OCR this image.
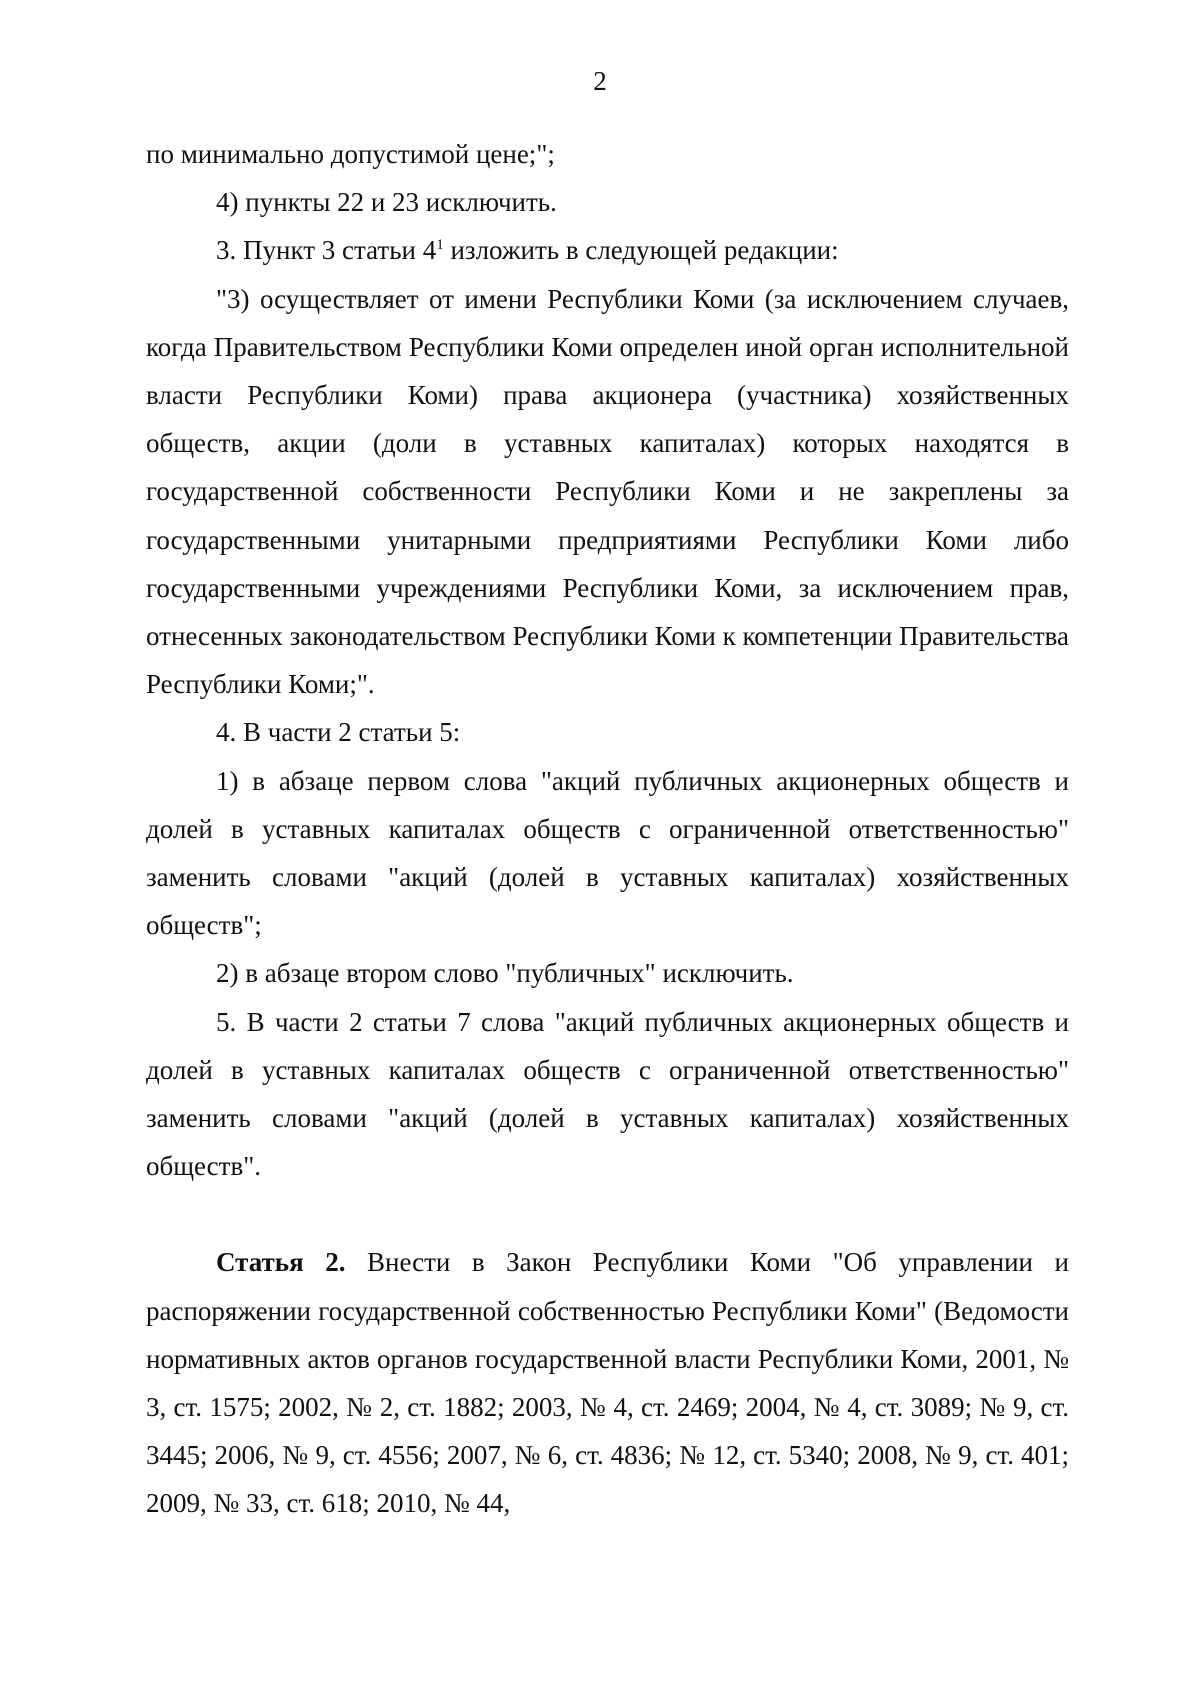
2

по минимально допустимой цене;";

4) пункты 22 и 23 исключить.

3. Пункт 3 статьи $4^1$ изложить в следующей редакции:

"3) осуществляет от имени Республики Коми (за исключением случаев, когда Правительством Республики Коми определен иной орган исполнительной власти Республики Коми) права акционера (участника) хозяйственных обществ, акции (доли в уставных капиталах) которых находятся в государственной собственности Республики Коми и не закреплены за государственными унитарными предприятиями Республики Коми либо государственными учреждениями Республики Коми, за исключением прав, отнесенных законодательством Республики Коми к компетенции Правительства Республики Коми;".

4. В части 2 статьи 5:

1) в абзаце первом слова "акций публичных акционерных обществ и долей в уставных капиталах обществ с ограниченной ответственностью" заменить словами "акций (долей в уставных капиталах) хозяйственных обществ";

2) в абзаце втором слово "публичных" исключить.

5. В части 2 статьи 7 слова "акций публичных акционерных обществ и долей в уставных капиталах обществ с ограниченной ответственностью" заменить словами "акций (долей в уставных капиталах) хозяйственных обществ".

Статья 2. Внести в Закон Республики Коми "Об управлении и распоряжении государственной собственностью Республики Коми" (Ведомости нормативных актов органов государственной власти Республики Коми, 2001, № 3, ст. 1575; 2002, № 2, ст. 1882; 2003, № 4, ст. 2469; 2004, № 4, ст. 3089; № 9, ст. 3445; 2006, № 9, ст. 4556; 2007, № 6, ст. 4836; № 12, ст. 5340; 2008, № 9, ст. 401; 2009, № 33, ст. 618; 2010, № 44,
